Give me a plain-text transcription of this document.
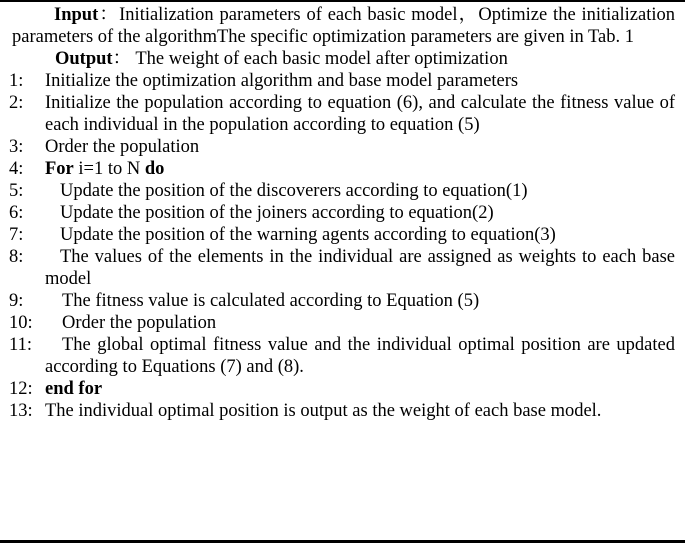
Input：Initialization parameters of each basic model，Optimize the initialization parameters of the algorithmThe specific optimization parameters are given in Tab. 1
Output： The weight of each basic model after optimization
1:	Initialize the optimization algorithm and base model parameters
2:	Initialize the population according to equation (6), and calculate the fitness value of each individual in the population according to equation (5)
3:	Order the population
4:	For i=1 to N do
5:	Update the position of the discoverers according to equation(1)
6:	Update the position of the joiners according to equation(2)
7:	Update the position of the warning agents according to equation(3)
8:	The values of the elements in the individual are assigned as weights to each base model
9:	The fitness value is calculated according to Equation (5)
10:	Order the population
11:	The global optimal fitness value and the individual optimal position are updated according to Equations (7) and (8).
12: end for
13: The individual optimal position is output as the weight of each base model.
